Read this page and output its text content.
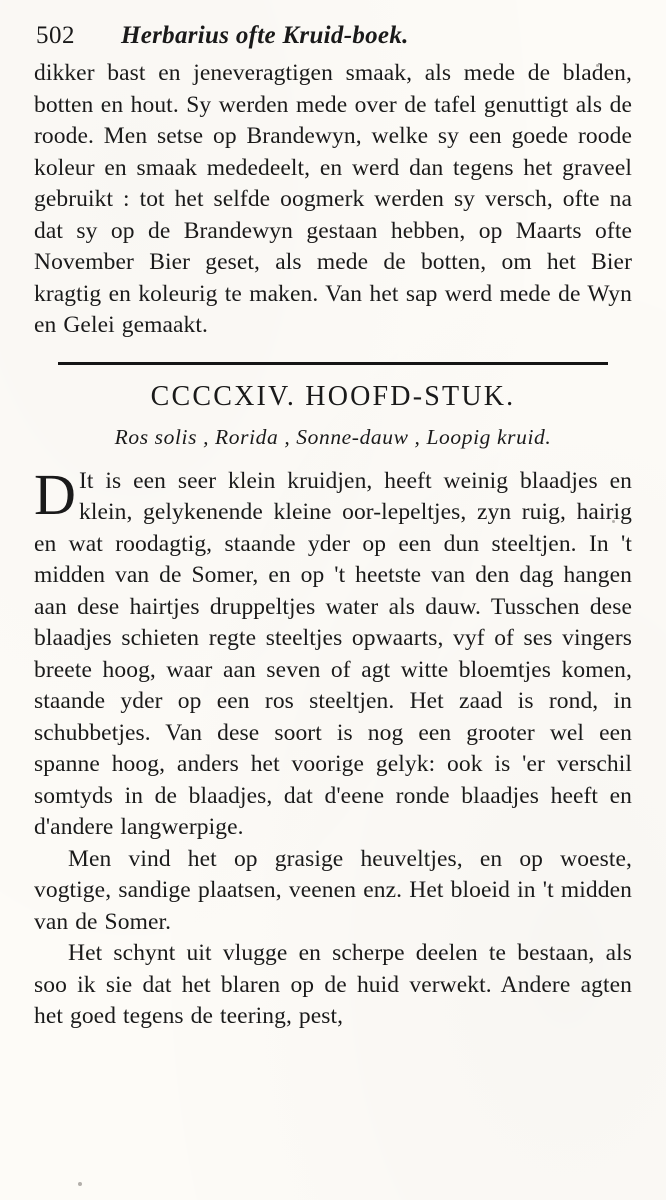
502 Herbarius ofte Kruid-boek.

dikker bast en jeneveragtigen smaak, als mede de bladen, botten en hout. Sy werden mede over de tafel genuttigt als de roode. Men setse op Brandewyn, welke sy een goede roode koleur en smaak mededeelt, en werd dan tegens het graveel gebruikt : tot het selfde oogmerk werden sy versch, ofte na dat sy op de Brandewyn gestaan hebben, op Maarts ofte November Bier geset, als mede de botten, om het Bier kragtig en koleurig te maken. Van het sap werd mede de Wyn en Gelei gemaakt.

CCCCXIV. HOOFD-STUK.
Ros solis , Rorida , Sonne-dauw , Loopig kruid.

D It is een seer klein kruidjen, heeft weinig blaadjes en klein, gelykenende kleine oor-lepeltjes, zyn ruig, hairig en wat roodagtig, staande yder op een dun steeltjen. In 't midden van de Somer, en op 't heetste van den dag hangen aan dese hairtjes druppeltjes water als dauw. Tusschen dese blaadjes schieten regte steeltjes opwaarts, vyf of ses vingers breete hoog, waar aan seven of agt witte bloemtjes komen, staande yder op een ros steeltjen. Het zaad is rond, in schubbetjes. Van dese soort is nog een grooter wel een spanne hoog, anders het voorige gelyk: ook is 'er verschil somtyds in de blaadjes, dat d'eene ronde blaadjes heeft en d'andere langwerpige.

Men vind het op grasige heuveltjes, en op woeste, vogtige, sandige plaatsen, veenen enz. Het bloeid in 't midden van de Somer.

Het schynt uit vlugge en scherpe deelen te bestaan, als soo ik sie dat het blaren op de huid verwekt. Andere agten het goed tegens de teering, pest,
